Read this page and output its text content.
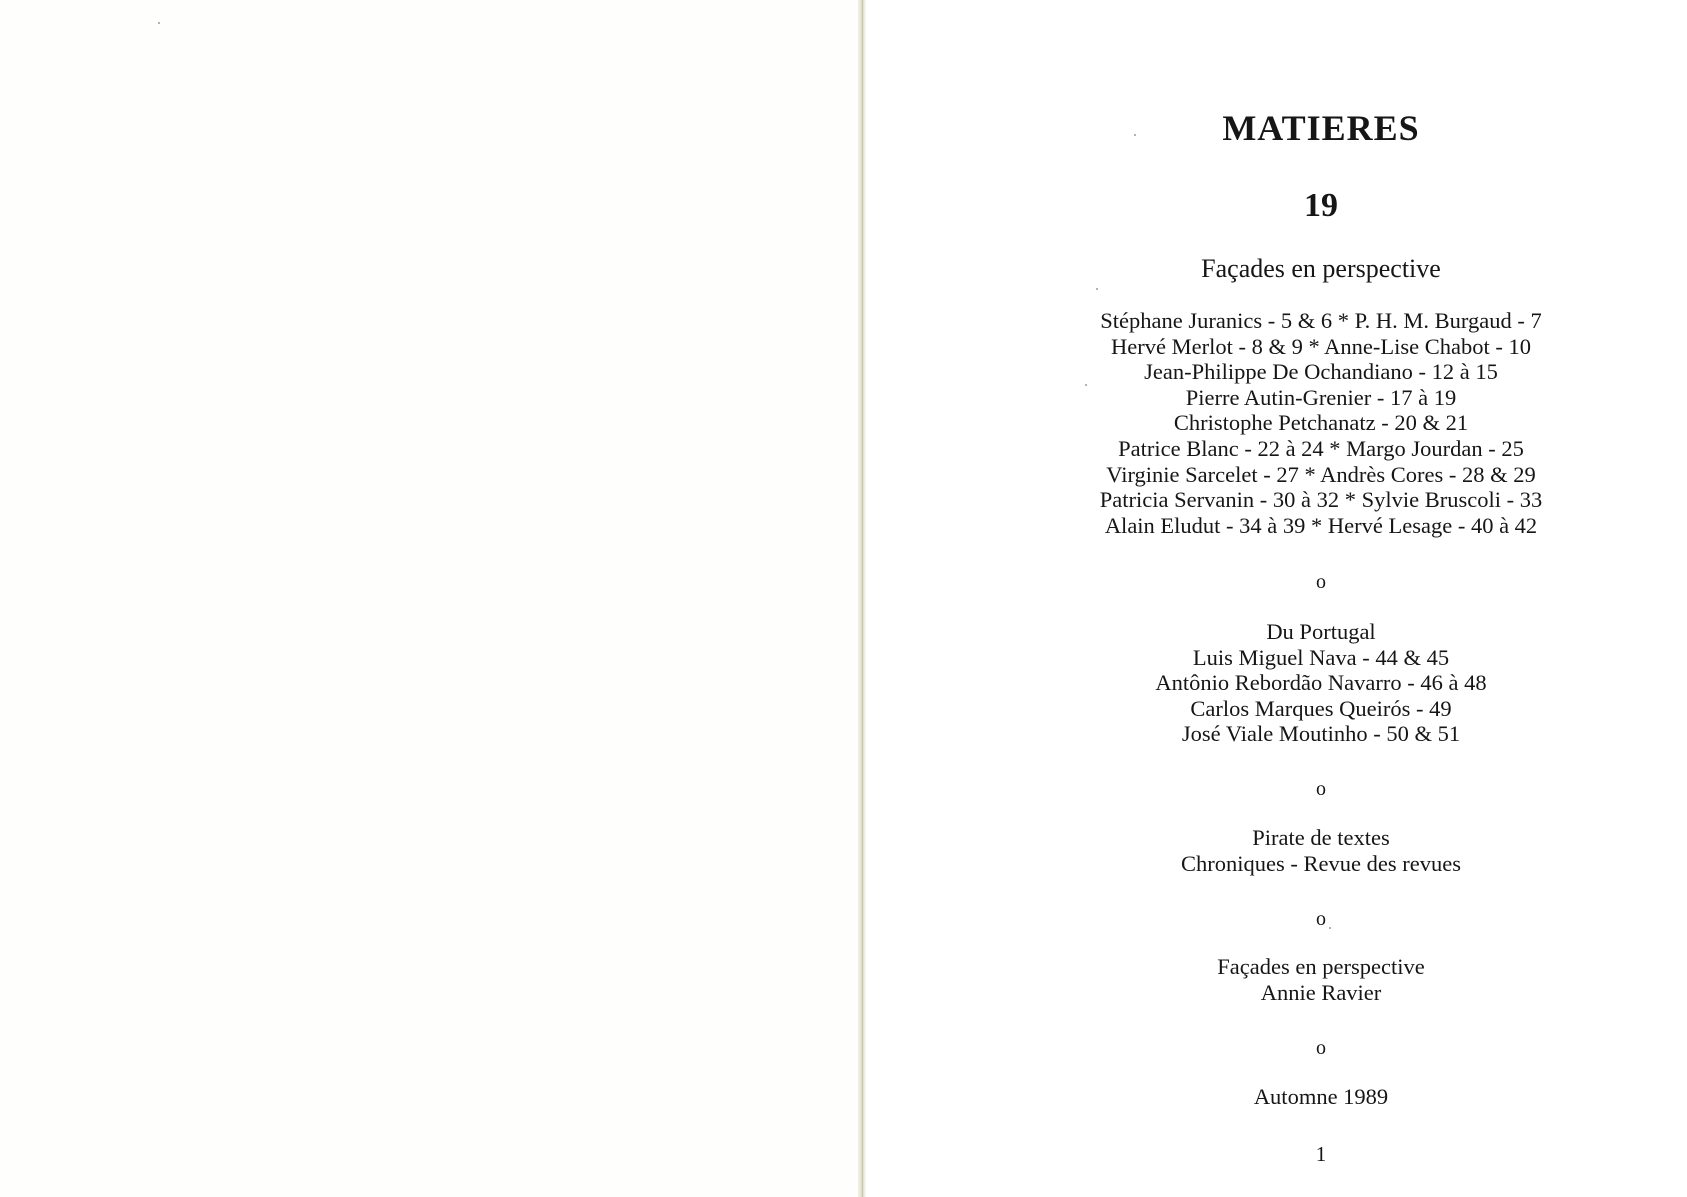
MATIERES
19
Façades en perspective
Stéphane Juranics - 5 & 6 * P. H. M. Burgaud - 7
Hervé Merlot - 8 & 9 * Anne-Lise Chabot - 10
Jean-Philippe De Ochandiano - 12 à 15
Pierre Autin-Grenier - 17 à 19
Christophe Petchanatz - 20 & 21
Patrice Blanc - 22 à 24 * Margo Jourdan - 25
Virginie Sarcelet - 27 * Andrès Cores - 28 & 29
Patricia Servanin - 30 à 32 * Sylvie Bruscoli - 33
Alain Eludut - 34 à 39 * Hervé Lesage - 40 à 42
o
Du Portugal
Luis Miguel Nava - 44 & 45
Antônio Rebordão Navarro - 46 à 48
Carlos Marques Queirós - 49
José Viale Moutinho - 50 & 51
o
Pirate de textes
Chroniques - Revue des revues
o
Façades en perspective
Annie Ravier
o
Automne 1989
1
